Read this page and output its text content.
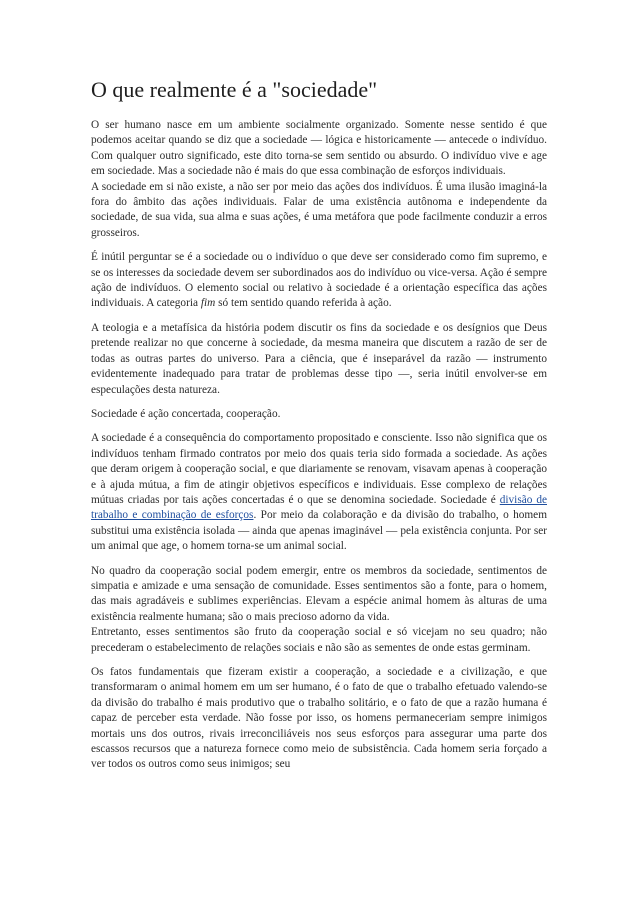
O que realmente é a "sociedade"

O ser humano nasce em um ambiente socialmente organizado. Somente nesse sentido é que podemos aceitar quando se diz que a sociedade — lógica e historicamente — antecede o indivíduo. Com qualquer outro significado, este dito torna-se sem sentido ou absurdo. O indivíduo vive e age em sociedade. Mas a sociedade não é mais do que essa combinação de esforços individuais.

A sociedade em si não existe, a não ser por meio das ações dos indivíduos. É uma ilusão imaginá-la fora do âmbito das ações individuais. Falar de uma existência autônoma e independente da sociedade, de sua vida, sua alma e suas ações, é uma metáfora que pode facilmente conduzir a erros grosseiros.

É inútil perguntar se é a sociedade ou o indivíduo o que deve ser considerado como fim supremo, e se os interesses da sociedade devem ser subordinados aos do indivíduo ou vice-versa. Ação é sempre ação de indivíduos. O elemento social ou relativo à sociedade é a orientação específica das ações individuais. A categoria fim só tem sentido quando referida à ação.

A teologia e a metafísica da história podem discutir os fins da sociedade e os desígnios que Deus pretende realizar no que concerne à sociedade, da mesma maneira que discutem a razão de ser de todas as outras partes do universo. Para a ciência, que é inseparável da razão — instrumento evidentemente inadequado para tratar de problemas desse tipo —, seria inútil envolver-se em especulações desta natureza.

Sociedade é ação concertada, cooperação.

A sociedade é a consequência do comportamento propositado e consciente. Isso não significa que os indivíduos tenham firmado contratos por meio dos quais teria sido formada a sociedade. As ações que deram origem à cooperação social, e que diariamente se renovam, visavam apenas à cooperação e à ajuda mútua, a fim de atingir objetivos específicos e individuais. Esse complexo de relações mútuas criadas por tais ações concertadas é o que se denomina sociedade. Sociedade é divisão de trabalho e combinação de esforços. Por meio da colaboração e da divisão do trabalho, o homem substitui uma existência isolada — ainda que apenas imaginável — pela existência conjunta. Por ser um animal que age, o homem torna-se um animal social.

No quadro da cooperação social podem emergir, entre os membros da sociedade, sentimentos de simpatia e amizade e uma sensação de comunidade. Esses sentimentos são a fonte, para o homem, das mais agradáveis e sublimes experiências. Elevam a espécie animal homem às alturas de uma existência realmente humana; são o mais precioso adorno da vida.

Entretanto, esses sentimentos são fruto da cooperação social e só vicejam no seu quadro; não precederam o estabelecimento de relações sociais e não são as sementes de onde estas germinam.

Os fatos fundamentais que fizeram existir a cooperação, a sociedade e a civilização, e que transformaram o animal homem em um ser humano, é o fato de que o trabalho efetuado valendo-se da divisão do trabalho é mais produtivo que o trabalho solitário, e o fato de que a razão humana é capaz de perceber esta verdade. Não fosse por isso, os homens permaneceriam sempre inimigos mortais uns dos outros, rivais irreconciliáveis nos seus esforços para assegurar uma parte dos escassos recursos que a natureza fornece como meio de subsistência. Cada homem seria forçado a ver todos os outros como seus inimigos; seu
